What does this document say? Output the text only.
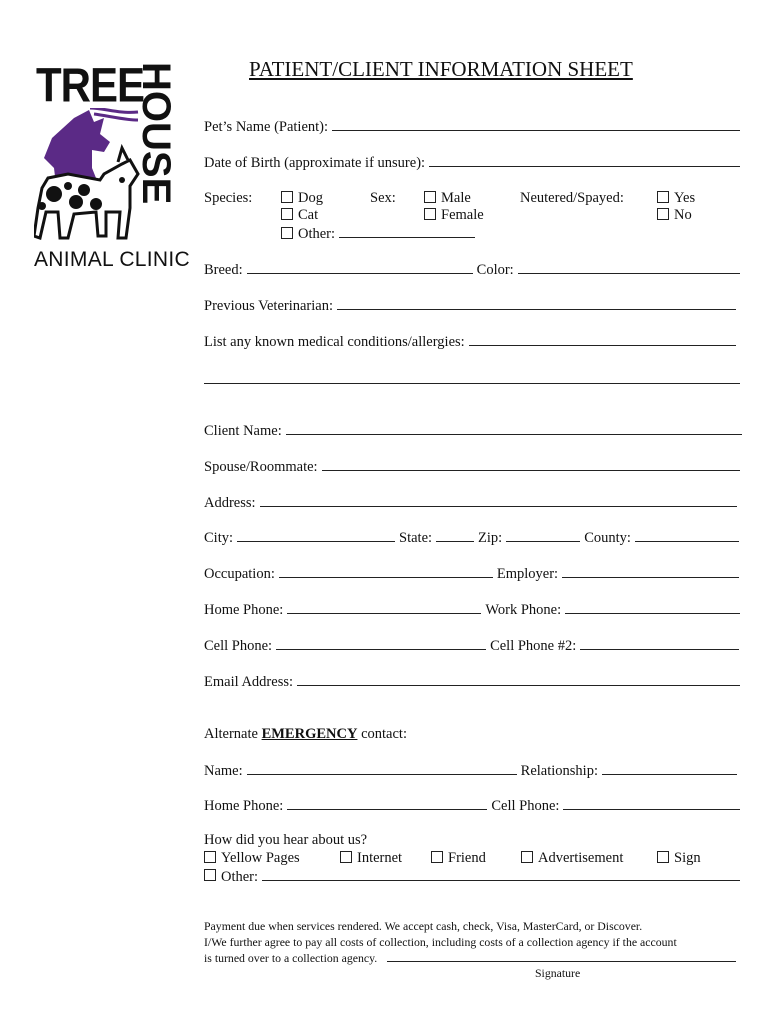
TREE
HOUSE
ANIMAL CLINIC
PATIENT/CLIENT INFORMATION SHEET
Pet’s Name (Patient):
Date of Birth (approximate if unsure):
Species:	Dog
Cat
Other:
Sex:	Male
Female
Neutered/Spayed:	Yes
No
Breed:	Color:
Previous Veterinarian:
List any known medical conditions/allergies:
Client Name:
Spouse/Roommate:
Address:
City:	State:	Zip:	County:
Occupation:	Employer:
Home Phone:	Work Phone:
Cell Phone:	Cell Phone #2:
Email Address:
Alternate EMERGENCY contact:
Name:	Relationship:
Home Phone:	Cell Phone:
How did you hear about us?
Yellow Pages	Internet	Friend	Advertisement	Sign
Other:
Payment due when services rendered. We accept cash, check, Visa, MasterCard, or Discover.
I/We further agree to pay all costs of collection, including costs of a collection agency if the account
is turned over to a collection agency.
Signature
